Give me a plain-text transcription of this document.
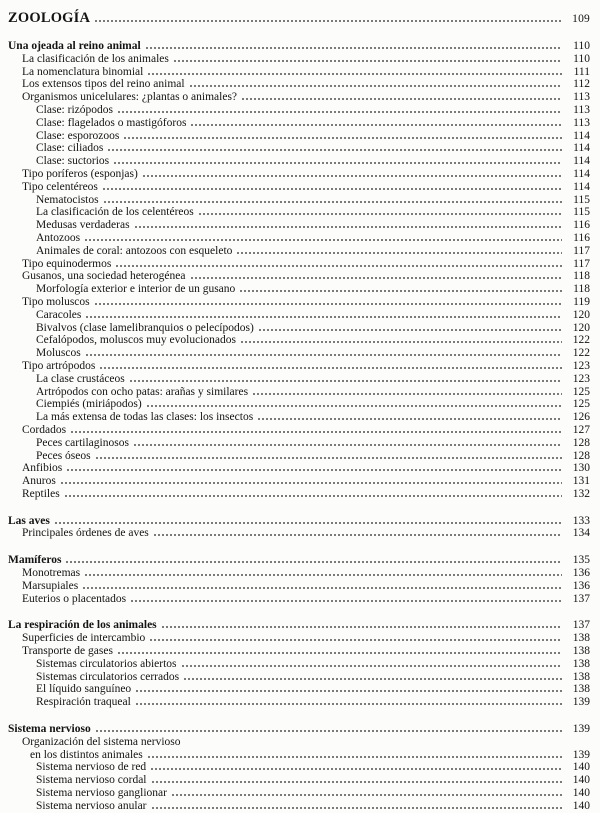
ZOOLOGÍA	109
Una ojeada al reino animal	110
La clasificación de los animales	110
La nomenclatura binomial	111
Los extensos tipos del reino animal	112
Organismos unicelulares: ¿plantas o animales?	113
Clase: rizópodos	113
Clase: flagelados o mastigóforos	113
Clase: esporozoos	114
Clase: ciliados	114
Clase: suctorios	114
Tipo poríferos (esponjas)	114
Tipo celentéreos	114
Nematocistos	115
La clasificación de los celentéreos	115
Medusas verdaderas	116
Antozoos	116
Animales de coral: antozoos con esqueleto	117
Tipo equinodermos	117
Gusanos, una sociedad heterogénea	118
Morfología exterior e interior de un gusano	118
Tipo moluscos	119
Caracoles	120
Bivalvos (clase lamelibranquios o pelecípodos)	120
Cefalópodos, moluscos muy evolucionados	122
Moluscos	122
Tipo artrópodos	123
La clase crustáceos	123
Artrópodos con ocho patas: arañas y similares	125
Ciempiés (miriápodos)	125
La más extensa de todas las clases: los insectos	126
Cordados	127
Peces cartilaginosos	128
Peces óseos	128
Anfibios	130
Anuros	131
Reptiles	132
Las aves	133
Principales órdenes de aves	134
Mamíferos	135
Monotremas	136
Marsupiales	136
Euterios o placentados	137
La respiración de los animales	137
Superficies de intercambio	138
Transporte de gases	138
Sistemas circulatorios abiertos	138
Sistemas circulatorios cerrados	138
El líquido sanguíneo	138
Respiración traqueal	139
Sistema nervioso	139
Organización del sistema nervioso
en los distintos animales	139
Sistema nervioso de red	140
Sistema nervioso cordal	140
Sistema nervioso ganglionar	140
Sistema nervioso anular	140
